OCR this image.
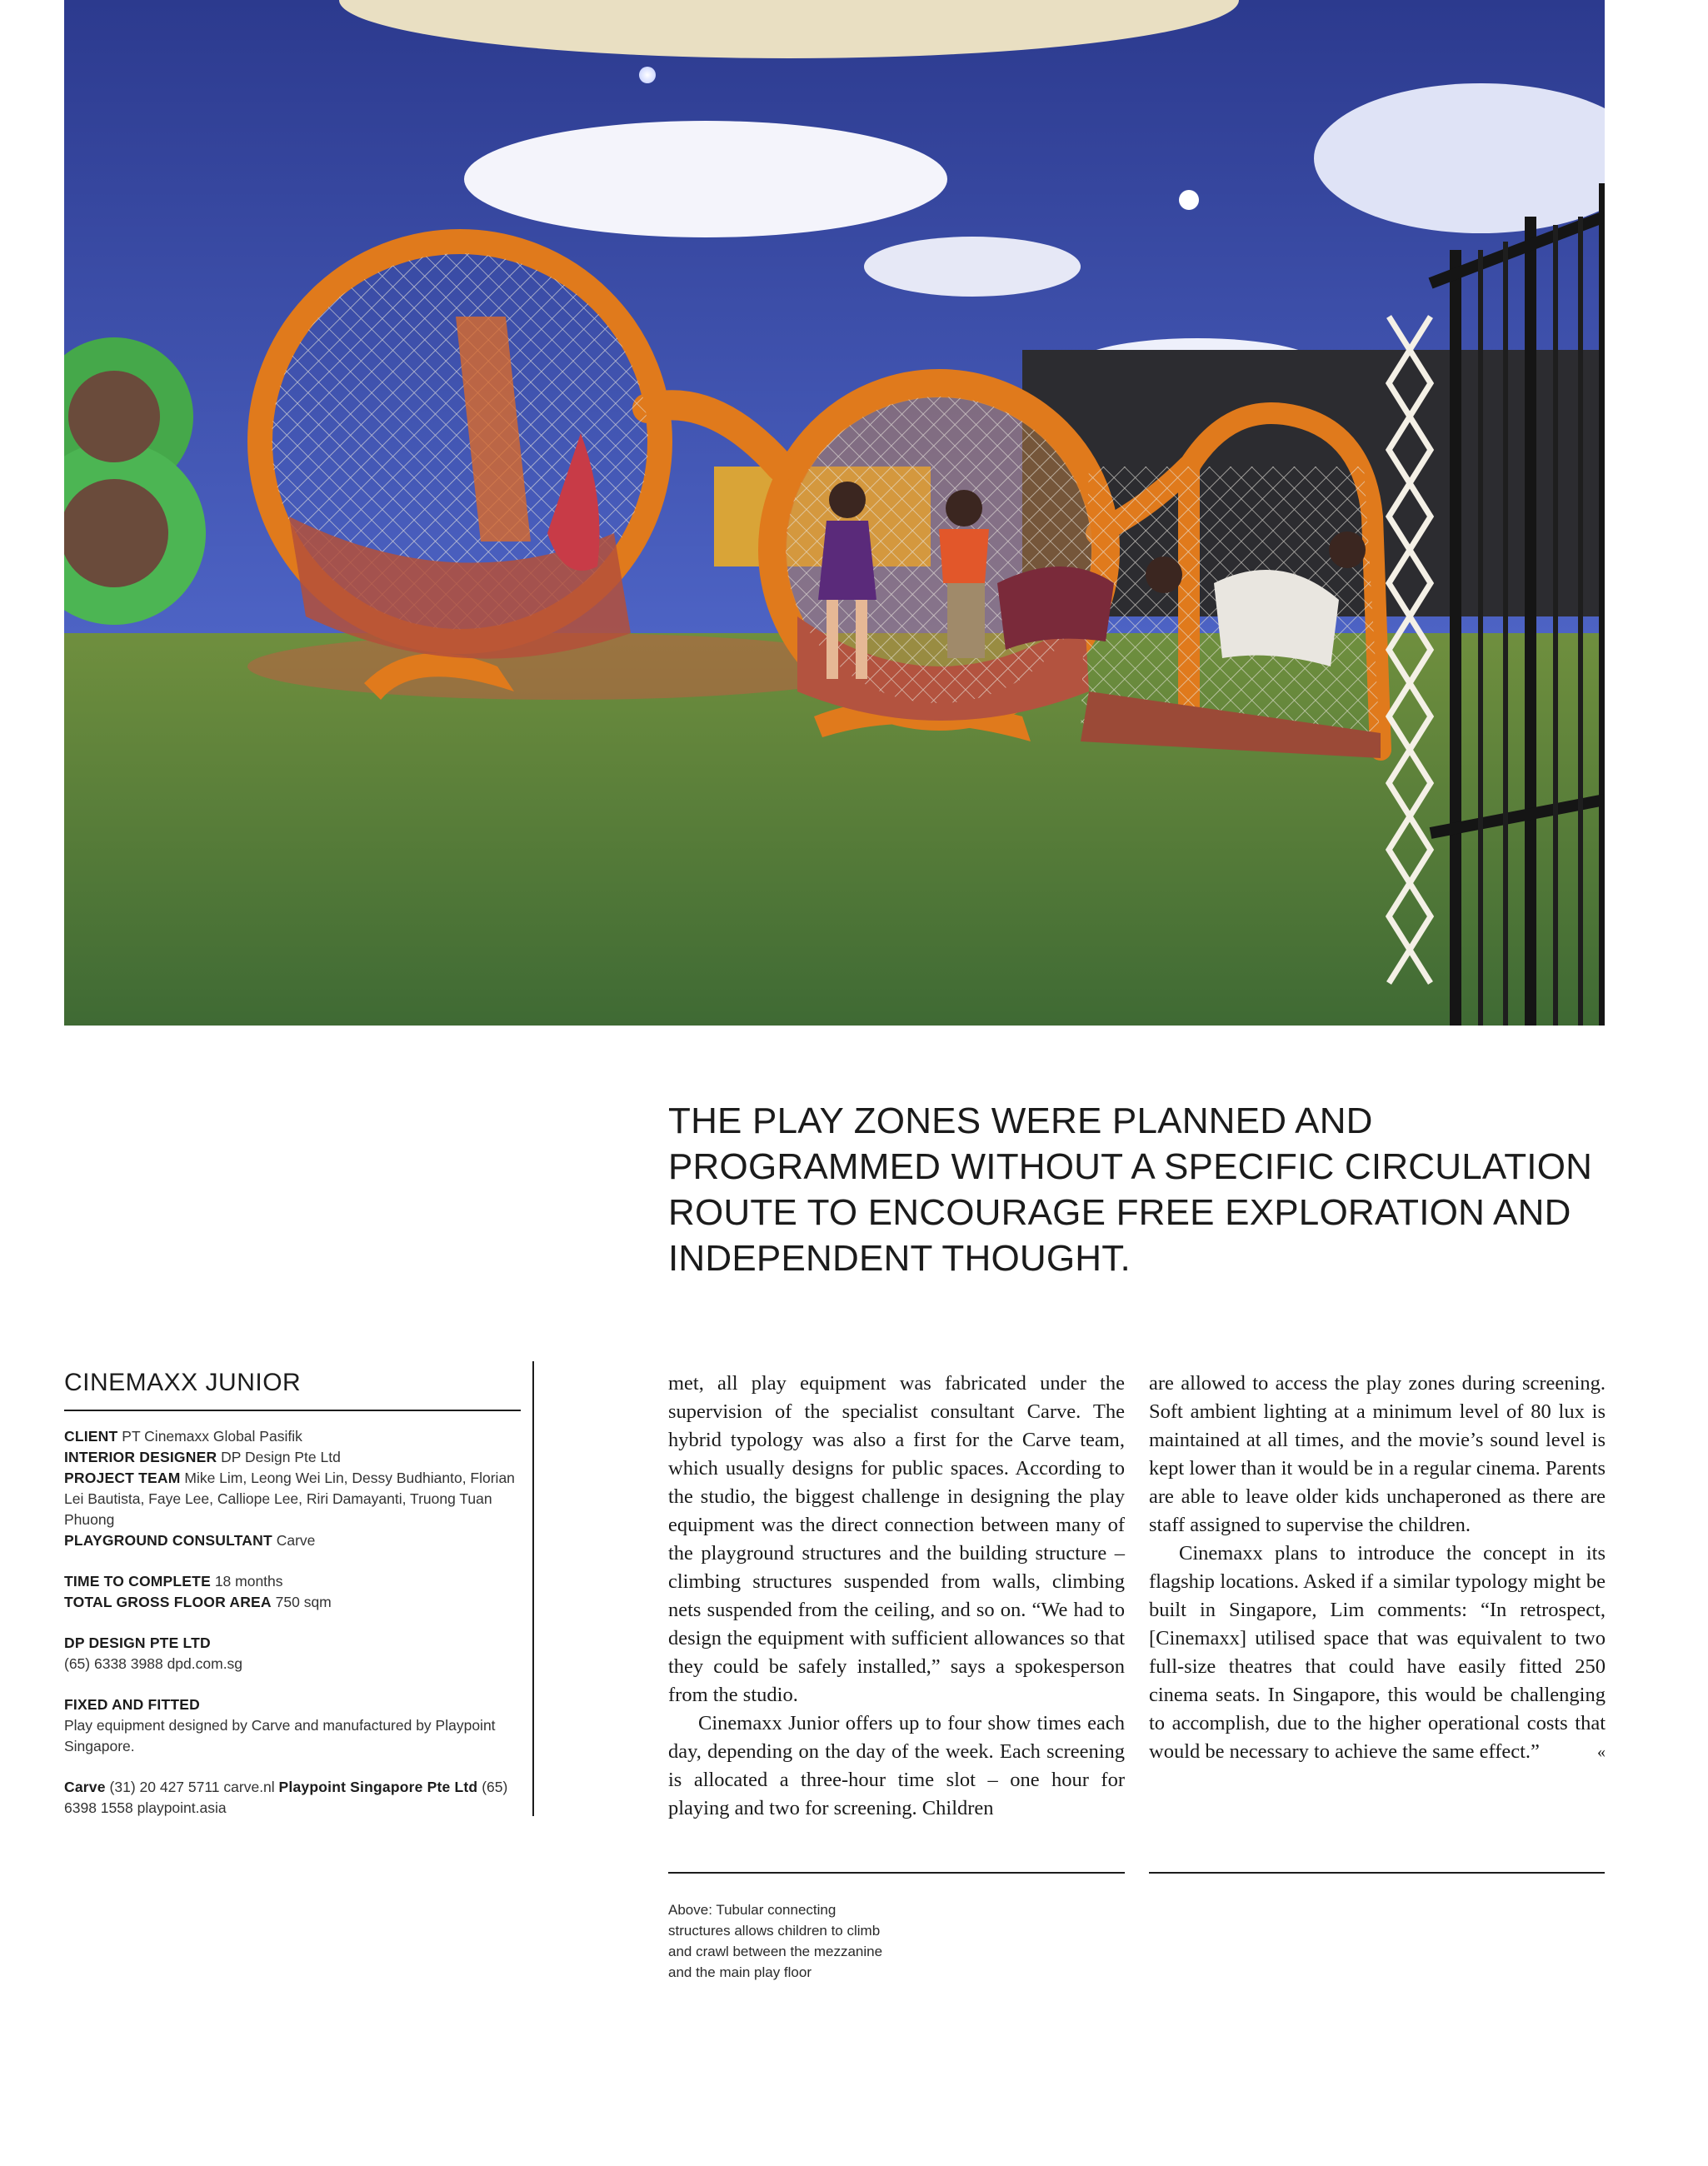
THE PLAY ZONES WERE PLANNED AND PROGRAMMED WITHOUT A SPECIFIC CIRCULATION ROUTE TO ENCOURAGE FREE EXPLORATION AND INDEPENDENT THOUGHT.
CINEMAXX JUNIOR

CLIENT PT Cinemaxx Global Pasifik

INTERIOR DESIGNER DP Design Pte Ltd

PROJECT TEAM Mike Lim, Leong Wei Lin, Dessy Budhianto, Florian Lei Bautista, Faye Lee, Calliope Lee, Riri Damayanti, Truong Tuan Phuong

PLAYGROUND CONSULTANT Carve

TIME TO COMPLETE 18 months

TOTAL GROSS FLOOR AREA 750 sqm

DP DESIGN PTE LTD

(65) 6338 3988 dpd.com.sg

FIXED AND FITTED

Play equipment designed by Carve and manufactured by Playpoint Singapore.

Carve (31) 20 427 5711 carve.nl Playpoint Singapore Pte Ltd (65) 6398 1558 playpoint.asia

met, all play equipment was fabricated under the supervision of the specialist consultant Carve. The hybrid typology was also a first for the Carve team, which usually designs for public spaces. According to the studio, the biggest challenge in designing the play equipment was the direct connection between many of the playground structures and the building structure – climbing structures suspended from walls, climbing nets suspended from the ceiling, and so on. “We had to design the equipment with sufficient allowances so that they could be safely installed,” says a spokesperson from the studio.

Cinemaxx Junior offers up to four show times each day, depending on the day of the week. Each screening is allocated a three-hour time slot – one hour for playing and two for screening. Children

are allowed to access the play zones during screening. Soft ambient lighting at a minimum level of 80 lux is maintained at all times, and the movie’s sound level is kept lower than it would be in a regular cinema. Parents are able to leave older kids unchaperoned as there are staff assigned to supervise the children.

Cinemaxx plans to introduce the concept in its flagship locations. Asked if a similar typology might be built in Singapore, Lim comments: “In retrospect, [Cinemaxx] utilised space that was equivalent to two full-size theatres that could have easily fitted 250 cinema seats. In Singapore, this would be challenging to accomplish, due to the higher operational costs that would be necessary to achieve the same effect.”	«

Above: Tubular connecting structures allows children to climb and crawl between the mezzanine and the main play floor
